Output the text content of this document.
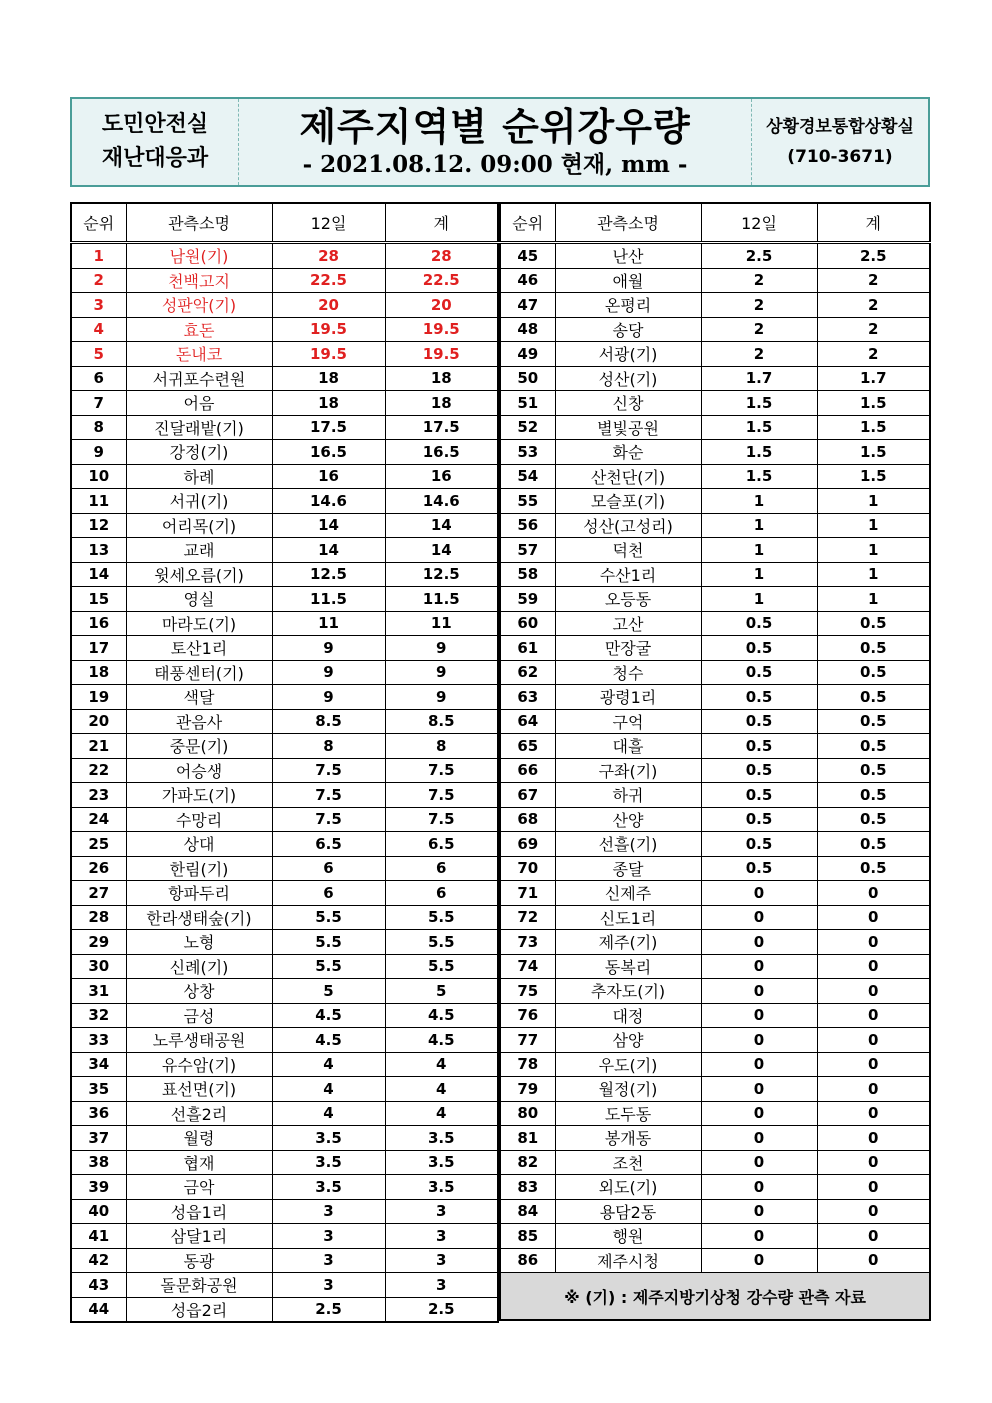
도민안전실
재난대응과
제주지역별 순위강우량
- 2021.08.12. 09:00 현재, mm -
상황경보통합상황실
(710-3671)
순위	관측소명	12일	계
1	남원(기)	28	28
2	천백고지	22.5	22.5
3	성판악(기)	20	20
4	효돈	19.5	19.5
5	돈내코	19.5	19.5
6	서귀포수련원	18	18
7	어음	18	18
8	진달래밭(기)	17.5	17.5
9	강정(기)	16.5	16.5
10	하례	16	16
11	서귀(기)	14.6	14.6
12	어리목(기)	14	14
13	교래	14	14
14	윗세오름(기)	12.5	12.5
15	영실	11.5	11.5
16	마라도(기)	11	11
17	토산1리	9	9
18	태풍센터(기)	9	9
19	색달	9	9
20	관음사	8.5	8.5
21	중문(기)	8	8
22	어승생	7.5	7.5
23	가파도(기)	7.5	7.5
24	수망리	7.5	7.5
25	상대	6.5	6.5
26	한림(기)	6	6
27	항파두리	6	6
28	한라생태숲(기)	5.5	5.5
29	노형	5.5	5.5
30	신례(기)	5.5	5.5
31	상창	5	5
32	금성	4.5	4.5
33	노루생태공원	4.5	4.5
34	유수암(기)	4	4
35	표선면(기)	4	4
36	선흘2리	4	4
37	월령	3.5	3.5
38	협재	3.5	3.5
39	금악	3.5	3.5
40	성읍1리	3	3
41	삼달1리	3	3
42	동광	3	3
43	돌문화공원	3	3
44	성읍2리	2.5	2.5
순위	관측소명	12일	계
45	난산	2.5	2.5
46	애월	2	2
47	온평리	2	2
48	송당	2	2
49	서광(기)	2	2
50	성산(기)	1.7	1.7
51	신창	1.5	1.5
52	별빛공원	1.5	1.5
53	화순	1.5	1.5
54	산천단(기)	1.5	1.5
55	모슬포(기)	1	1
56	성산(고성리)	1	1
57	덕천	1	1
58	수산1리	1	1
59	오등동	1	1
60	고산	0.5	0.5
61	만장굴	0.5	0.5
62	청수	0.5	0.5
63	광령1리	0.5	0.5
64	구억	0.5	0.5
65	대흘	0.5	0.5
66	구좌(기)	0.5	0.5
67	하귀	0.5	0.5
68	산양	0.5	0.5
69	선흘(기)	0.5	0.5
70	종달	0.5	0.5
71	신제주	0	0
72	신도1리	0	0
73	제주(기)	0	0
74	동복리	0	0
75	추자도(기)	0	0
76	대정	0	0
77	삼양	0	0
78	우도(기)	0	0
79	월정(기)	0	0
80	도두동	0	0
81	봉개동	0	0
82	조천	0	0
83	외도(기)	0	0
84	용담2동	0	0
85	행원	0	0
86	제주시청	0	0
※ (기) : 제주지방기상청 강수량 관측 자료			
